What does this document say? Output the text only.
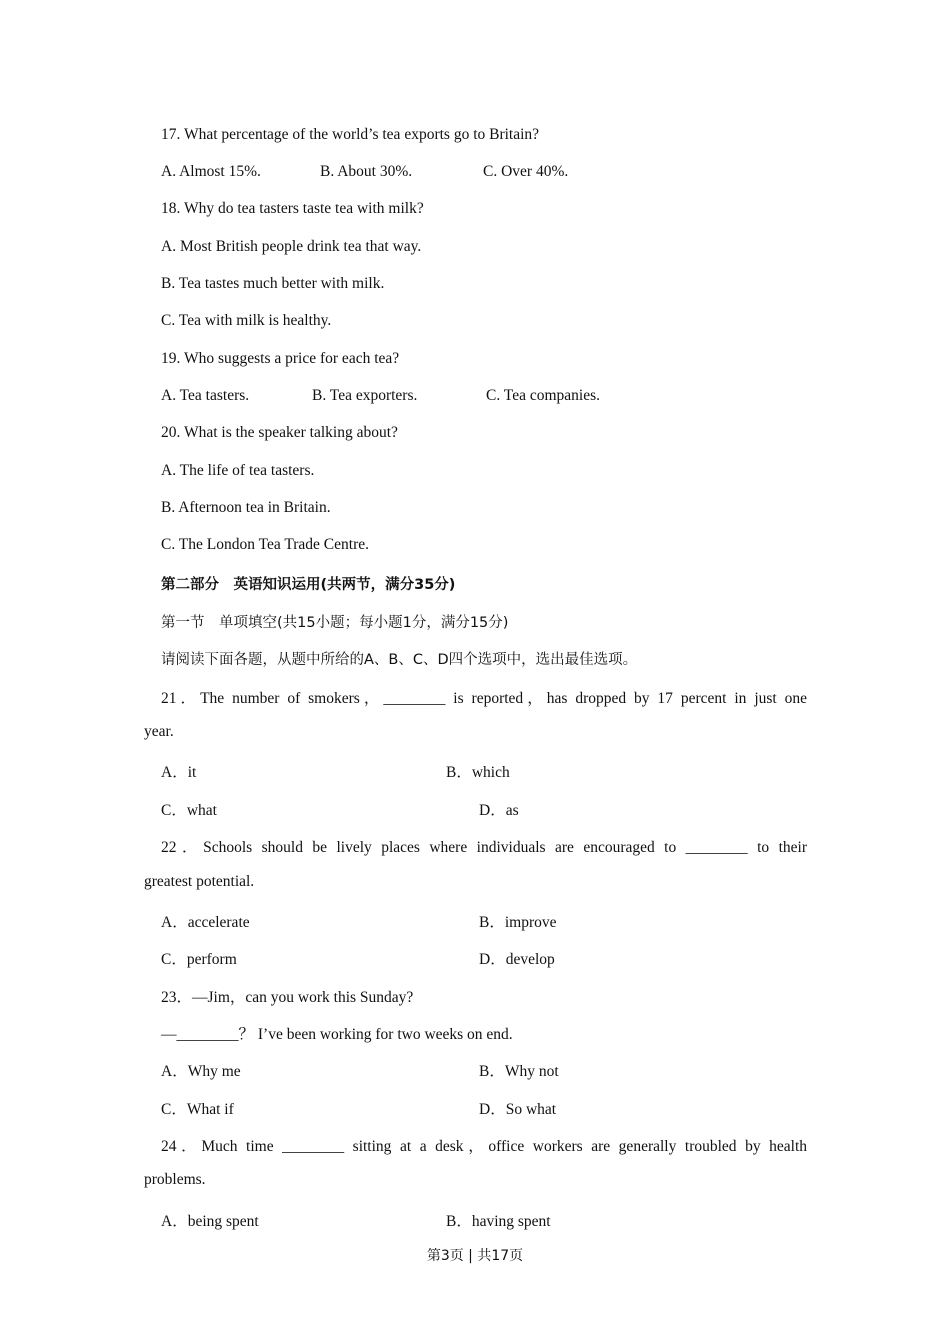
17. What percentage of the world’s tea exports go to Britain?
A. Almost 15%.	B. About 30%.	C. Over 40%.
18. Why do tea tasters taste tea with milk?
A. Most British people drink tea that way.
B. Tea tastes much better with milk.
C. Tea with milk is healthy.
19. Who suggests a price for each tea?
A. Tea tasters.	B. Tea exporters.	C. Tea companies.
20. What is the speaker talking about?
A. The life of tea tasters.
B. Afternoon tea in Britain.
C. The London Tea Trade Centre.
第二部分　英语知识运用(共两节，满分35分)
第一节　单项填空(共15小题；每小题1分，满分15分)
请阅读下面各题，从题中所给的A、B、C、D四个选项中，选出最佳选项。
21．The number of smokers，________ is reported，has dropped by 17 percent in just one
year.
A．it	B．which
C．what	D．as
22．Schools should be lively places where individuals are encouraged to ________ to their
greatest potential.
A．accelerate	B．improve
C．perform	D．develop
23．—Jim，can you work this Sunday?
—________？ I’ve been working for two weeks on end.
A．Why me	B．Why not
C．What if	D．So what
24．Much time ________ sitting at a desk，office workers are generally troubled by health
problems.
A．being spent	B．having spent
第3页 | 共17页
